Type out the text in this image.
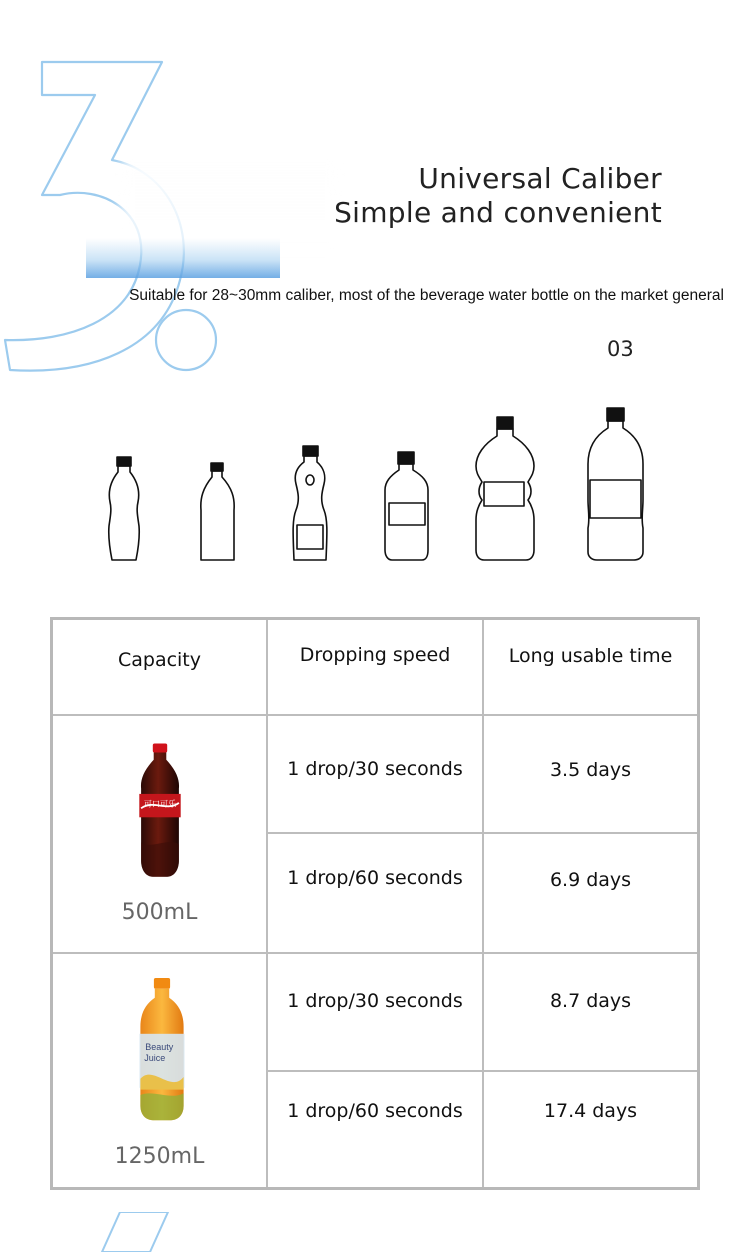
Universal Caliber
Simple and convenient
Suitable for 28~30mm caliber, most of the beverage water bottle on the market general
03
Capacity	Dropping speed	Long usable time
可口可乐
500mL
1 drop/30 seconds	3.5 days
1 drop/60 seconds	6.9 days
Beauty
Juice
1250mL
1 drop/30 seconds	8.7 days
1 drop/60 seconds	17.4 days
